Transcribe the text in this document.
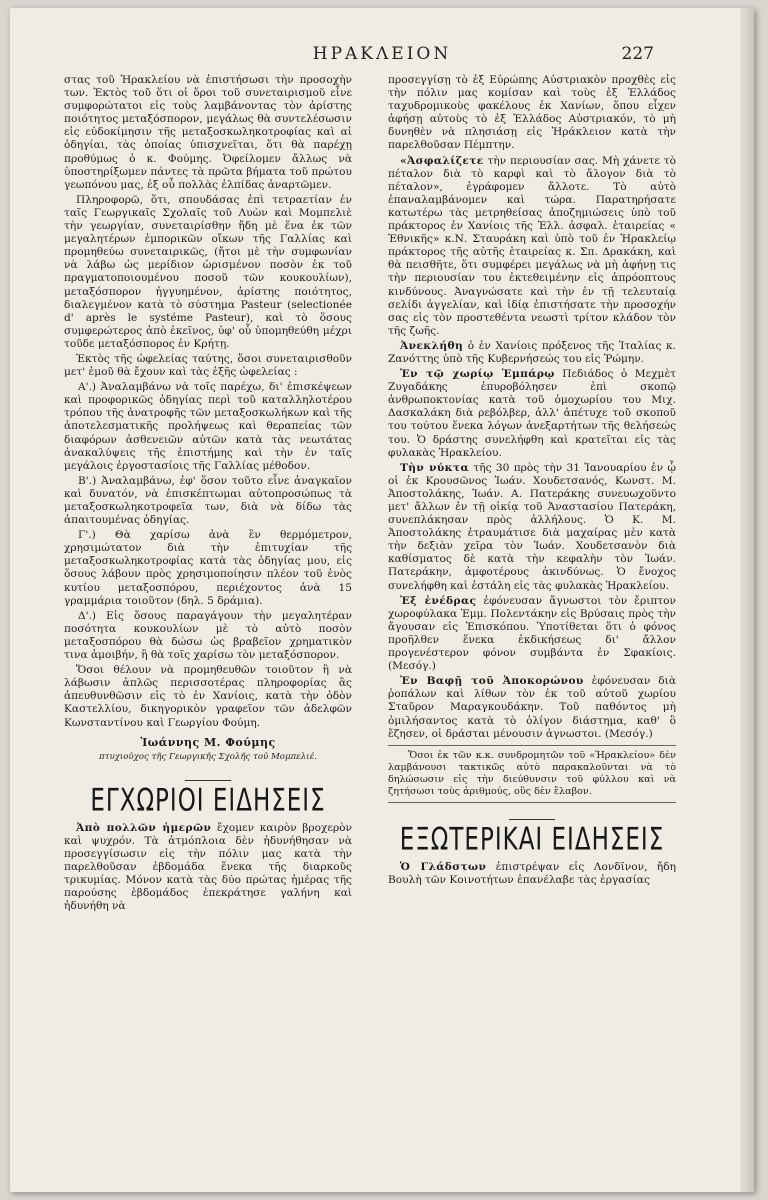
ΗΡΑΚΛΕΙΟΝ	227

στας τοῦ Ἡρακλείου νὰ ἐπιστήσωσι τὴν προσοχὴν των. Ἐκτὸς τοῦ ὅτι οἱ ὅροι τοῦ συνεταιρισμοῦ εἶνε συμφορώτατοι εἰς τοὺς λαμβάνοντας τὸν ἀρίστης ποιότητος μεταξόσπορον, μεγάλως θὰ συντελέσωσιν εἰς εὐδοκίμησιν τῆς μεταξοσκωληκοτροφίας καὶ αἱ ὁδηγίαι, τὰς ὁποίας ὑπισχνεῖται, ὅτι θὰ παρέχῃ προθύμως ὁ κ. Φούμης. Ὀφείλομεν ἄλλως νὰ ὑποστηρίξωμεν πάντες τὰ πρῶτα βήματα τοῦ πρώτου γεωπόνου μας, ἐξ οὗ πολλὰς ἐλπίδας ἀναρτῶμεν.

Πληροφορῶ, ὅτι, σπουδάσας ἐπὶ τετραετίαν ἐν ταῖς Γεωργικαῖς Σχολαῖς τοῦ Λυὼν καὶ Μομπελιὲ τὴν γεωργίαν, συνεταιρίσθην ἤδη μὲ ἕνα ἐκ τῶν μεγαλητέρων ἐμπορικῶν οἴκων τῆς Γαλλίας καὶ προμηθεύω συνεταιρικῶς, (ἤτοι μὲ τὴν συμφωνίαν νὰ λάβω ὡς μερίδιον ὡρισμένον ποσὸν ἐκ τοῦ πραγματοποιουμένου ποσοῦ τῶν κουκουλίων), μεταξόσπορον ἠγγυημένον, ἀρίστης ποιότητος, διαλεγμένον κατὰ τὸ σύστημα Pasteur (selectionée d' après le systéme Pasteur), καὶ τὸ ὅσους συμφερώτερος ἀπὸ ἐκεῖνος, ὑφ' οὗ ὑπομηθεύθη μέχρι τοῦδε μεταξόσπορος ἐν Κρήτῃ.

Ἐκτὸς τῆς ὠφελείας ταύτης, ὅσοι συνεταιρισθοῦν μετ' ἐμοῦ θὰ ἔχουν καὶ τὰς ἑξῆς ὠφελείας :

Α'.) Ἀναλαμβάνω νὰ τοῖς παρέχω, δι' ἐπισκέψεων καὶ προφορικῶς ὁδηγίας περὶ τοῦ καταλληλοτέρου τρόπου τῆς ἀνατροφῆς τῶν μεταξοσκωλήκων καὶ τῆς ἀποτελεσματικῆς προλήψεως καὶ θεραπείας τῶν διαφόρων ἀσθενειῶν αὐτῶν κατὰ τὰς νεωτάτας ἀνακαλύψεις τῆς ἐπιστήμης καὶ τὴν ἐν ταῖς μεγάλοις ἐργοστασίοις τῆς Γαλλίας μέθοδον.

Β'.) Ἀναλαμβάνω, ἐφ' ὅσον τοῦτο εἶνε ἀναγκαῖον καὶ δυνατόν, νὰ ἐπισκέπτωμαι αὐτοπροσώπως τὰ μεταξοσκωληκοτροφεῖα των, διὰ νὰ δίδω τὰς ἀπαιτουμένας ὁδηγίας.

Γ'.) Θὰ χαρίσω ἀνὰ ἓν θερμόμετρον, χρησιμώτατον διὰ τὴν ἐπιτυχίαν τῆς μεταξοσκωληκοτροφίας κατὰ τὰς ὁδηγίας μου, εἰς ὅσους λάβουν πρὸς χρησιμοποίησιν πλέον τοῦ ἑνὸς κυτίου μεταξοσπόρου, περιέχοντος ἀνὰ 15 γραμμάρια τοιοῦτον (δηλ. 5 δράμια).

Δ'.) Εἰς ὅσους παραγάγουν τὴν μεγαλητέραν ποσότητα κουκουλίων μὲ τὸ αὐτὸ ποσὸν μεταξοσπόρου θὰ δώσω ὡς βραβεῖον χρηματικὸν τινα ἀμοιβήν, ἢ θὰ τοῖς χαρίσω τὸν μεταξόσπορον.

Ὅσοι θέλουν νὰ προμηθευθῶν τοιοῦτον ἢ νὰ λάβωσιν ἁπλῶς περισσοτέρας πληροφορίας ἂς ἀπευθυνθῶσιν εἰς τὸ ἐν Χανίοις, κατὰ τὴν ὁδὸν Καστελλίου, δικηγορικὸν γραφεῖον τῶν ἀδελφῶν Κωνσταντίνου καὶ Γεωργίου Φούμη.

Ἰωάννης Μ. Φούμης
πτυχιοῦχος τῆς Γεωργικῆς Σχολῆς τοῦ Μομπελιέ.
ΕΓΧΩΡΙΟΙ ΕΙΔΗΣΕΙΣ

Ἀπὸ πολλῶν ἡμερῶν ἔχομεν καιρὸν βροχερὸν καὶ ψυχρόν. Τὰ ἀτμόπλοια δὲν ἠδυνήθησαν νὰ προσεγγίσωσιν εἰς τὴν πόλιν μας κατὰ τὴν παρελθοῦσαν ἑβδομάδα ἕνεκα τῆς διαρκοῦς τρικυμίας. Μόνον κατὰ τὰς δύο πρώτας ἡμέρας τῆς παρούσης ἑβδομάδος ἐπεκράτησε γαλήνη καὶ ἠδυνήθη νὰ

προσεγγίσῃ τὸ ἐξ Εὐρώπης Αὐστριακὸν προχθὲς εἰς τὴν πόλιν μας κομίσαν καὶ τοὺς ἐξ Ἑλλάδος ταχυδρομικοὺς φακέλους ἐκ Χανίων, ὅπου εἶχεν ἀφήσῃ αὐτοὺς τὸ ἐξ Ἑλλάδος Αὐστριακόν, τὸ μὴ δυνηθὲν νὰ πλησιάσῃ εἰς Ἡράκλειον κατὰ τὴν παρελθοῦσαν Πέμπτην.

«Ἀσφαλίζετε τὴν περιουσίαν σας. Μὴ χάνετε τὸ πέταλον διὰ τὸ καρφὶ καὶ τὸ ἄλογον διὰ τὸ πέταλον», ἐγράφομεν ἄλλοτε. Τὸ αὐτὸ ἐπαναλαμβάνομεν καὶ τώρα. Παρατηρήσατε κατωτέρω τὰς μετρηθείσας ἀποζημιώσεις ὑπὸ τοῦ πράκτορος ἐν Χανίοις τῆς Ἑλλ. ἀσφαλ. ἑταιρείας « Ἐθνικῆς» κ.Ν. Σταυράκη καὶ ὑπὸ τοῦ ἐν Ἡρακλείῳ πράκτορος τῆς αὐτῆς ἑταιρείας κ. Σπ. Δρακάκη, καὶ θὰ πεισθῆτε, ὅτι συμφέρει μεγάλως νὰ μὴ ἀφήνῃ τις τὴν περιουσίαν του ἐκτεθειμένην εἰς ἀπρόοπτους κινδύνους. Ἀναγνώσατε καὶ τὴν ἐν τῇ τελευταίᾳ σελίδι ἀγγελίαν, καὶ ἰδίᾳ ἐπιστήσατε τὴν προσοχήν σας εἰς τὸν προστεθέντα νεωστὶ τρίτον κλάδον τὸν τῆς ζωῆς.

Ἀνεκλήθη ὁ ἐν Χανίοις πρόξενος τῆς Ἰταλίας κ. Ζανόττης ὑπὸ τῆς Κυβερνήσεώς του εἰς Ῥώμην.

Ἐν τῷ χωρίῳ Ἐμπάρῳ Πεδιάδος ὁ Μεχμὲτ Ζυγαδάκης ἐπυροβόλησεν ἐπὶ σκοπῷ ἀνθρωποκτονίας κατὰ τοῦ ὁμοχωρίου του Μιχ. Δασκαλάκη διὰ ρεβόλβερ, ἀλλ' ἀπέτυχε τοῦ σκοποῦ του τούτου ἕνεκα λόγων ἀνεξαρτήτων τῆς θελήσεώς του. Ὁ δράστης συνελήφθη καὶ κρατεῖται εἰς τὰς φυλακὰς Ἡρακλείου.

Τὴν νύκτα τῆς 30 πρὸς τὴν 31 Ἰανουαρίου ἐν ᾧ οἱ ἐκ Κρουσῶνος Ἰωάν. Χουδετσανός, Κωνστ. Μ. Ἀποστολάκης, Ἰωάν. Α. Πατεράκης συνευωχοῦντο μετ' ἄλλων ἐν τῇ οἰκίᾳ τοῦ Ἀναστασίου Πατεράκη, συνεπλάκησαν πρὸς ἀλλήλους. Ὁ Κ. Μ. Ἀποστολάκης ἐτραυμάτισε διὰ μαχαίρας μὲν κατὰ τὴν δεξιὰν χεῖρα τὸν Ἰωάν. Χουδετσανὸν διὰ καθίσματος δὲ κατὰ τὴν κεφαλὴν τὸν Ἰωάν. Πατεράκην, ἀμφοτέρους ἀκινδύνως. Ὁ ἔνοχος συνελήφθη καὶ ἐστάλη εἰς τὰς φυλακὰς Ἡρακλείου.

Ἐξ ἐνέδρας ἐφόνευσαν ἄγνωστοι τὸν ἔριπτον χωροφύλακα Ἐμμ. Πολεντάκην εἰς Βρύσαις πρὸς τὴν ἄγουσαν εἰς Ἐπισκόπου. Ὑποτίθεται ὅτι ὁ φόνος προῆλθεν ἕνεκα ἐκδικήσεως δι' ἄλλον προγενέστερον φόνον συμβάντα ἐν Σφακίοις. (Μεσόγ.)

Ἐν Βαφῇ τοῦ Ἀποκορώνου ἐφόνευσαν διὰ ῥοπάλων καὶ λίθων τὸν ἐκ τοῦ αὐτοῦ χωρίου Σταῦρον Μαραγκουδάκην. Τοῦ παθόντος μὴ ὁμιλήσαντος κατὰ τὸ ὀλίγον διάστημα, καθ' ὃ ἔζησεν, οἱ δράσται μένουσιν ἀγνωστοι. (Μεσόγ.)

Ὅσοι ἐκ τῶν κ.κ. συνδρομητῶν τοῦ «Ἡρακλείου» δὲν λαμβάνουσι τακτικῶς αὐτὸ παρακαλοῦνται νὰ τὸ δηλώσωσιν εἰς τὴν διεύθυνσιν τοῦ φύλλου καὶ νὰ ζητήσωσι τοὺς ἀριθμούς, οὓς δὲν ἔλαβον.

ΕΞΩΤΕΡΙΚΑΙ ΕΙΔΗΣΕΙΣ

Ὁ Γλάδστων ἐπιστρέψαν εἰς Λονδῖνον, ἤδη Βουλὴ τῶν Κοινοτήτων ἐπανέλαβε τὰς ἐργασίας
